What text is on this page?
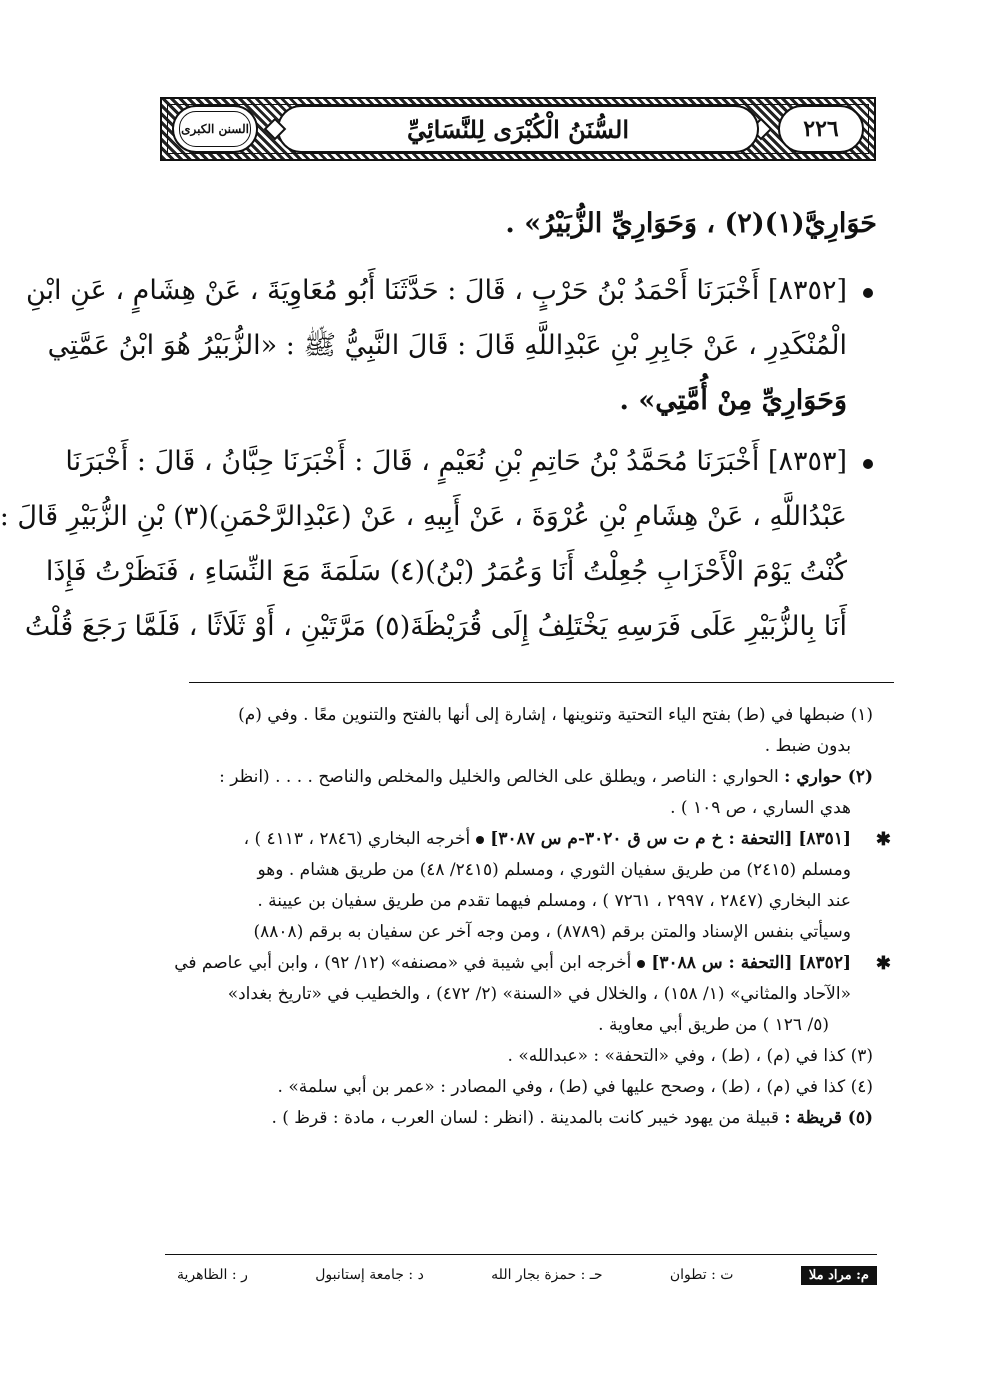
٢٢٦
السُّنَنُ الْكُبْرَى لِلنَّسَائِيِّ
السنن الكبرى
حَوَارِيَّ(١)(٢) ، وَحَوَارِيِّ الزُّبَيْرُ» .
[٨٣٥٢] أَخْبَرَنَا أَحْمَدُ بْنُ حَرْبٍ ، قَالَ : حَدَّثَنَا أَبُو مُعَاوِيَةَ ، عَنْ هِشَامٍ ، عَنِ ابْنِ
الْمُنْكَدِرِ ، عَنْ جَابِرِ بْنِ عَبْدِاللَّهِ قَالَ : قَالَ النَّبِيُّ ﷺ : «الزُّبَيْرُ هُوَ ابْنُ عَمَّتِي
وَحَوَارِيِّ مِنْ أُمَّتِي» .
[٨٣٥٣] أَخْبَرَنَا مُحَمَّدُ بْنُ حَاتِمِ بْنِ نُعَيْمٍ ، قَالَ : أَخْبَرَنَا حِبَّانُ ، قَالَ : أَخْبَرَنَا
عَبْدُاللَّهِ ، عَنْ هِشَامِ بْنِ عُرْوَةَ ، عَنْ أَبِيهِ ، عَنْ (عَبْدِالرَّحْمَنِ)(٣) بْنِ الزُّبَيْرِ قَالَ :
كُنْتُ يَوْمَ الْأَحْزَابِ جُعِلْتُ أَنَا وَعُمَرُ (بْنُ)(٤) سَلَمَةَ مَعَ النِّسَاءِ ، فَنَظَرْتُ فَإِذَا
أَنَا بِالزُّبَيْرِ عَلَى فَرَسِهِ يَخْتَلِفُ إِلَى قُرَيْظَةَ(٥) مَرَّتَيْنِ ، أَوْ ثَلَاثًا ، فَلَمَّا رَجَعَ قُلْتُ

(١) ضبطها في (ط) بفتح الياء التحتية وتنوينها ، إشارة إلى أنها بالفتح والتنوين معًا . وفي (م)

بدون ضبط .

(٢) حواري : الحواري : الناصر ، ويطلق على الخالص والخليل والمخلص والناصح . . . . (انظر :

هدي الساري ، ص ١٠٩ ) .

✱

[٨٣٥١] [التحفة : خ م ت س ق ٣٠٢٠-م س ٣٠٨٧]أخرجه البخاري (٢٨٤٦ ، ٤١١٣ ) ،

ومسلم (٢٤١٥) من طريق سفيان الثوري ، ومسلم (٢٤١٥/ ٤٨) من طريق هشام . وهو

عند البخاري (٢٨٤٧ ، ٢٩٩٧ ، ٧٢٦١ ) ، ومسلم فيهما تقدم من طريق سفيان بن عيينة .

وسيأتي بنفس الإسناد والمتن برقم (٨٧٨٩) ، ومن وجه آخر عن سفيان به برقم (٨٨٠٨)

✱

[٨٣٥٢] [التحفة : س ٣٠٨٨]أخرجه ابن أبي شيبة في «مصنفه» (١٢/ ٩٢) ، وابن أبي عاصم في

«الآحاد والمثاني» (١/ ١٥٨) ، والخلال في «السنة» (٢/ ٤٧٢) ، والخطيب في «تاريخ بغداد»

(٥/ ١٢٦ ) من طريق أبي معاوية .

(٣) كذا في (م) ، (ط) ، وفي «التحفة» : «عبدالله» .

(٤) كذا في (م) ، (ط) ، وصحح عليها في (ط) ، وفي المصادر : «عمر بن أبي سلمة» .

(٥) قريظة : قبيلة من يهود خيبر كانت بالمدينة . (انظر : لسان العرب ، مادة : قرظ ) .

م: مراد ملا
ت : تطوان
حـ : حمزة بجار الله
د : جامعة إستانبول
ر : الظاهرية
